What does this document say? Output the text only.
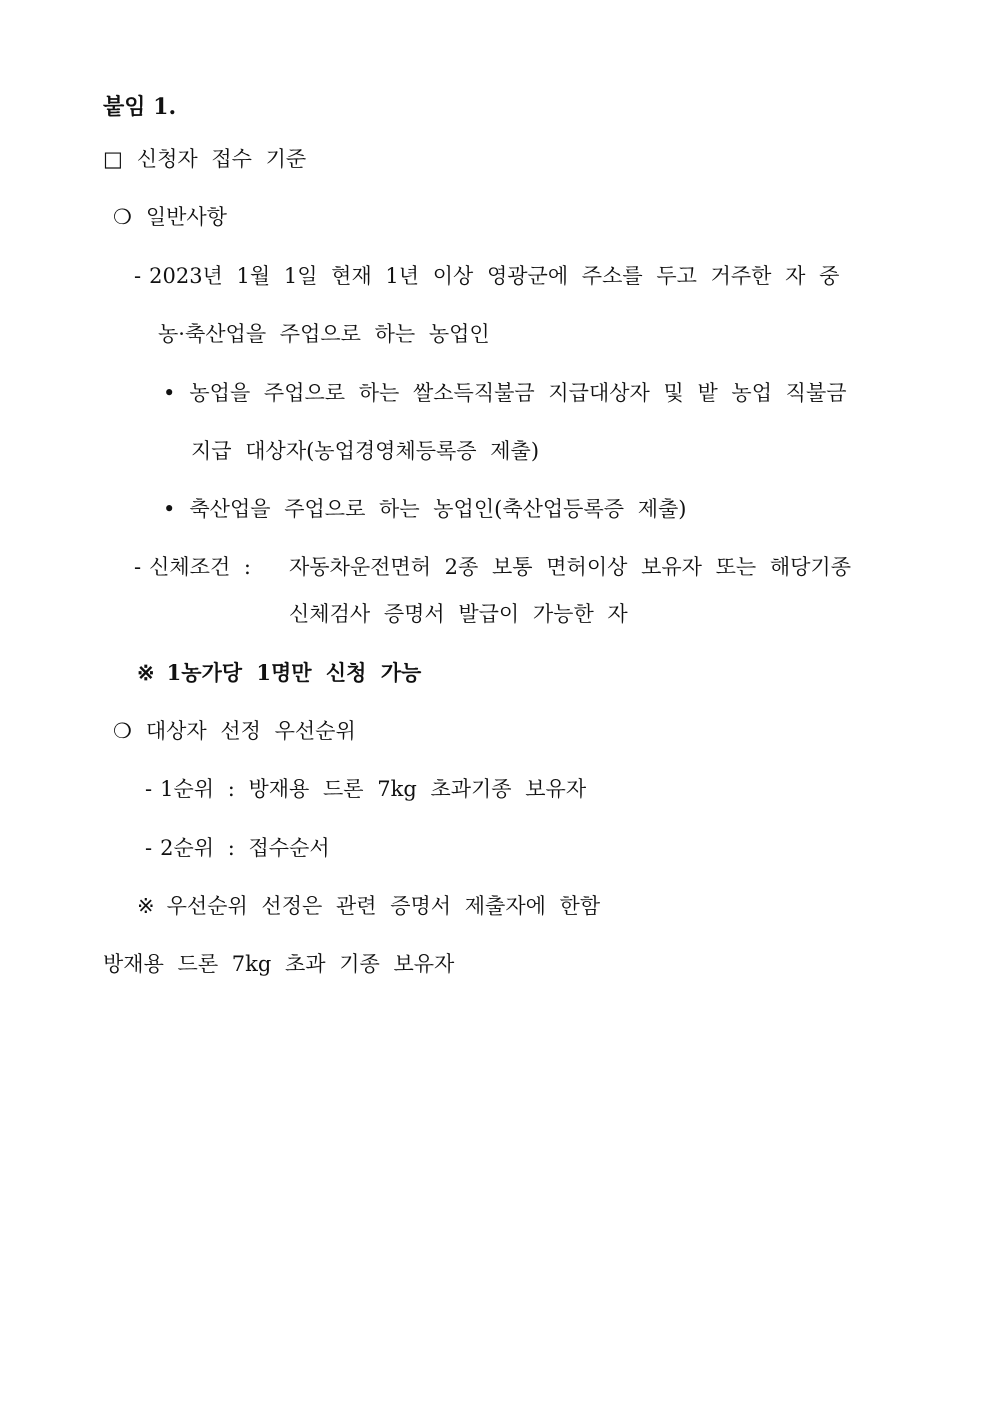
붙임 1.
□ 신청자 접수 기준
❍ 일반사항
- 2023년 1월 1일 현재 1년 이상 영광군에 주소를 두고 거주한 자 중
농·축산업을 주업으로 하는 농업인
• 농업을 주업으로 하는 쌀소득직불금 지급대상자 및 밭 농업 직불금
지급 대상자(농업경영체등록증 제출)
• 축산업을 주업으로 하는 농업인(축산업등록증 제출)
- 신체조건 : 자동차운전면허 2종 보통 면허이상 보유자 또는 해당기종
신체검사 증명서 발급이 가능한 자
※ 1농가당 1명만 신청 가능
❍ 대상자 선정 우선순위
- 1순위 : 방재용 드론 7kg 초과기종 보유자
- 2순위 : 접수순서
※ 우선순위 선정은 관련 증명서 제출자에 한함
방재용 드론 7kg 초과 기종 보유자
